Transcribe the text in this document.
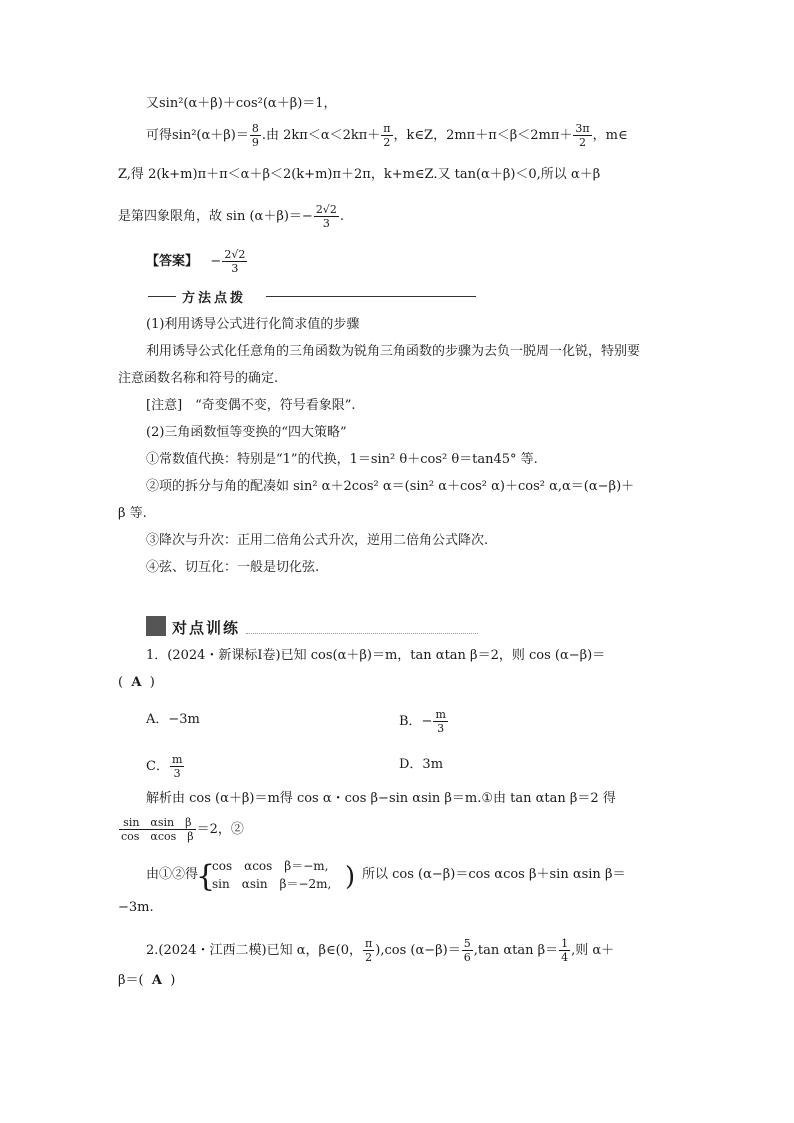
又sin²(α＋β)＋cos²(α＋β)＝1，
可得$\sin^2(\alpha+\beta)= \frac{8}{9}$ .由 $2k\pi<\alpha<2k\pi+ \frac{\pi}{2}$ ，k∈Z，$2m\pi+\pi<\beta<2m\pi+ \frac{3\pi}{2}$ ，m∈
Z,得 2(k+m)π＋π＜α＋β＜2(k+m)π＋2π，k+m∈Z.又 tan(α＋β)＜0,所以 α＋β
是第四象限角，故 $\sin (\alpha+\beta)=- \frac{2√2}{3}$ .
【答案】 − $\frac{2√2}{3}$
方法点拨
(1)利用诱导公式进行化简求值的步骤
利用诱导公式化任意角的三角函数为锐角三角函数的步骤为去负一脱周一化锐，特别要
注意函数名称和符号的确定.
[注意]　“奇变偶不变，符号看象限”.
(2)三角函数恒等变换的“四大策略”
①常数值代换：特别是“1”的代换，1＝sin² θ＋cos² θ＝tan45° 等.
②项的拆分与角的配凑如 sin² α＋2cos² α＝(sin² α＋cos² α)＋cos² α,α＝(α−β)＋
β 等.
③降次与升次：正用二倍角公式升次，逆用二倍角公式降次.
④弦、切互化：一般是切化弦.
对点训练
1．(2024・新课标Ⅰ卷)已知 cos(α＋β)＝m，tan αtan β＝2，则 cos (α−β)＝
( A )
A．−3m	B．− $\frac{m}{3}$
C． $\frac{m}{3}$	D．3m
解析由 cos (α＋β)＝m得 cos α・cos β−sin αsin β＝m.①由 tan αtan β＝2 得
$\frac{\text{sin　αsin　β}}{\text{cos　αcos　β}} =2$，②
由①②得
{
cos　αcos　β＝−m,
sin　αsin　β＝−2m, ) 所以 cos (α−β)＝cos αcos β＋sin αsin β＝
−3m.
2.(2024・江西二模)已知 α，β∈(0， $\frac{\pi}{2} ),\cos$ $(\alpha-\beta)= \frac{5}{6} ,\tan$ αtan $\beta= \frac{1}{4}$ ,则 α＋
β＝( A )
